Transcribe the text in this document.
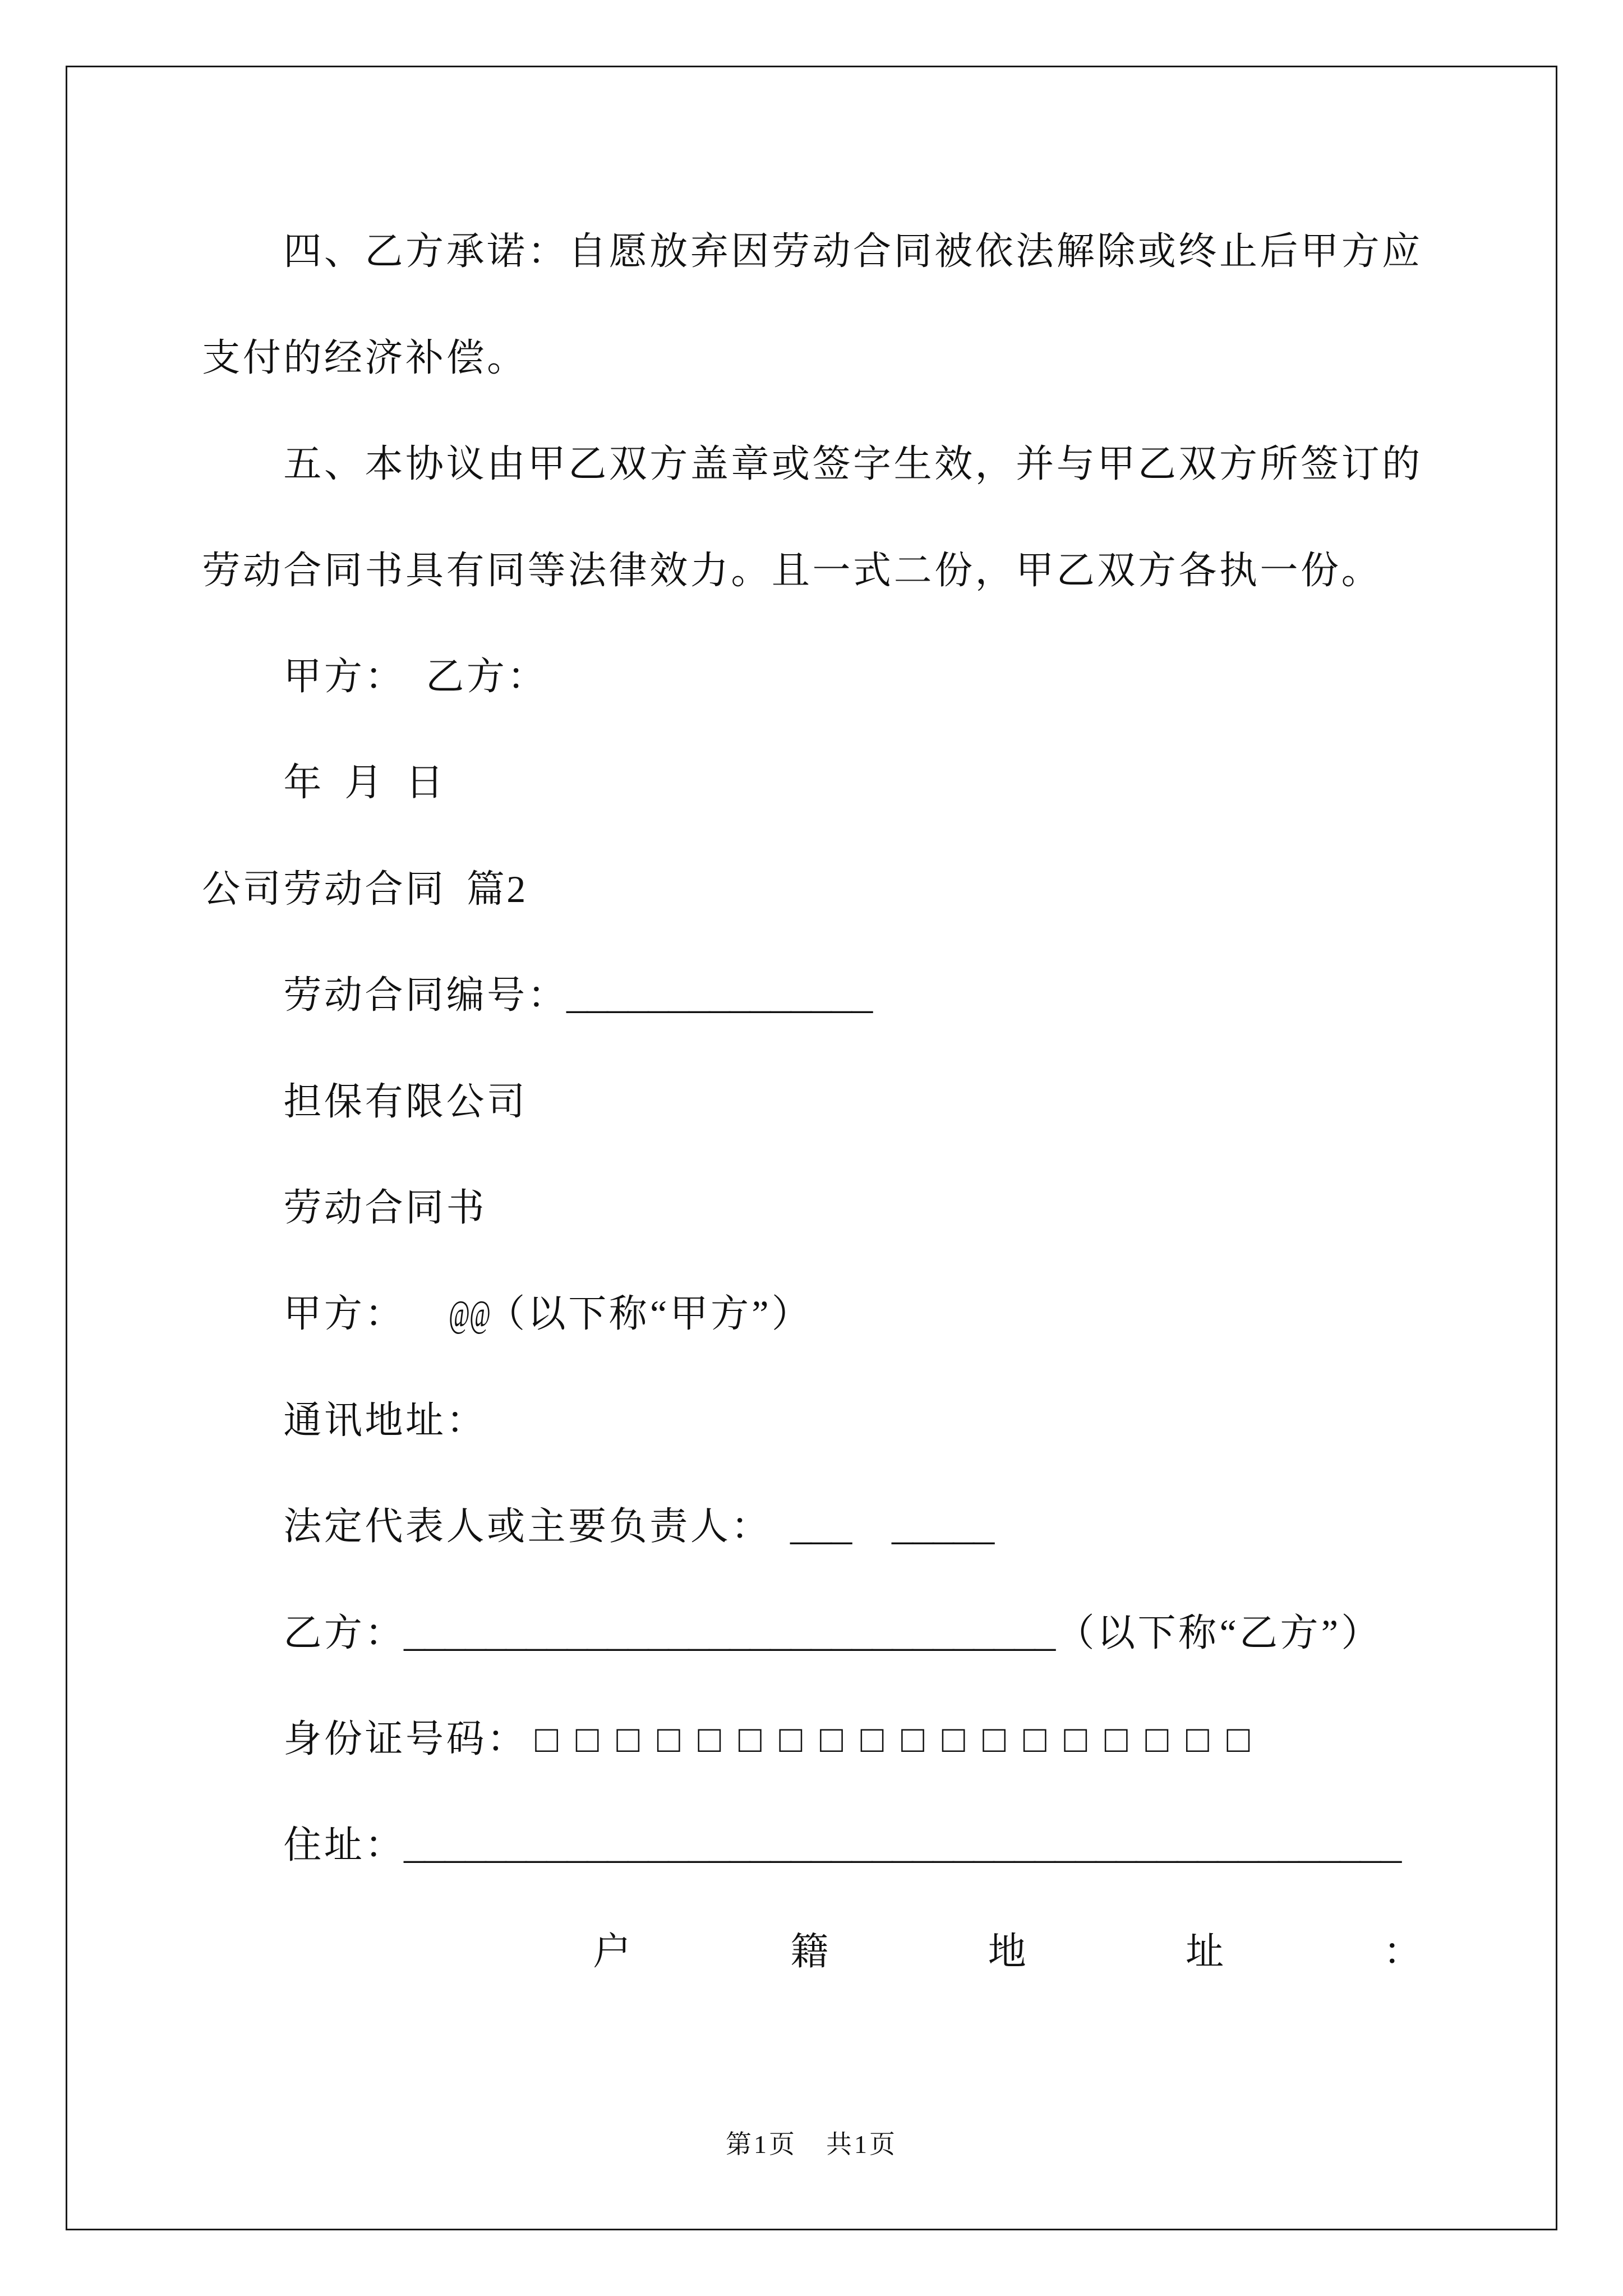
四、乙方承诺：自愿放弃因劳动合同被依法解除或终止后甲方应支付的经济补偿。

五、本协议由甲乙双方盖章或签字生效，并与甲乙双方所签订的劳动合同书具有同等法律效力。且一式二份，甲乙双方各执一份。

甲方： 乙方：

年 月 日

公司劳动合同 篇2

劳动合同编号：_______________

担保有限公司

劳动合同书

甲方： @@（以下称“甲方”）

通讯地址：

法定代表人或主要负责人： ___ _____

乙方：________________________________（以下称“乙方”）

身份证号码： □ □ □ □ □ □ □ □ □ □ □ □ □ □ □ □ □ □

住址：_________________________________________________

户	籍	地	址	：

第1页 共1页
